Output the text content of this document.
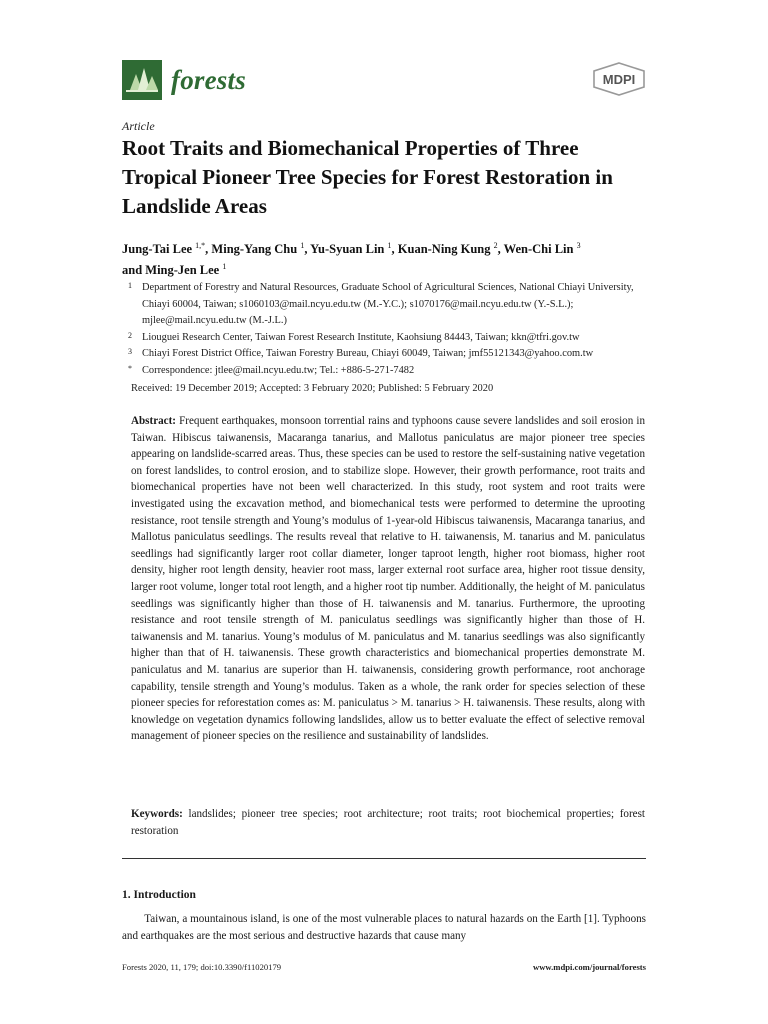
forests	MDPI
Article
Root Traits and Biomechanical Properties of Three Tropical Pioneer Tree Species for Forest Restoration in Landslide Areas
Jung-Tai Lee $^{1,*}$, Ming-Yang Chu $^1$, Yu-Syuan Lin $^1$, Kuan-Ning Kung $^2$, Wen-Chi Lin $^3$
and Ming-Jen Lee $^1$
1 Department of Forestry and Natural Resources, Graduate School of Agricultural Sciences, National Chiayi University, Chiayi 60004, Taiwan; s1060103@mail.ncyu.edu.tw (M.-Y.C.); s1070176@mail.ncyu.edu.tw (Y.-S.L.); mjlee@mail.ncyu.edu.tw (M.-J.L.)
2 Liouguei Research Center, Taiwan Forest Research Institute, Kaohsiung 84443, Taiwan; kkn@tfri.gov.tw
3 Chiayi Forest District Office, Taiwan Forestry Bureau, Chiayi 60049, Taiwan; jmf55121343@yahoo.com.tw
* Correspondence: jtlee@mail.ncyu.edu.tw; Tel.: +886-5-271-7482
Received: 19 December 2019; Accepted: 3 February 2020; Published: 5 February 2020
Abstract: Frequent earthquakes, monsoon torrential rains and typhoons cause severe landslides and soil erosion in Taiwan. Hibiscus taiwanensis, Macaranga tanarius, and Mallotus paniculatus are major pioneer tree species appearing on landslide-scarred areas. Thus, these species can be used to restore the self-sustaining native vegetation on forest landslides, to control erosion, and to stabilize slope. However, their growth performance, root traits and biomechanical properties have not been well characterized. In this study, root system and root traits were investigated using the excavation method, and biomechanical tests were performed to determine the uprooting resistance, root tensile strength and Young’s modulus of 1-year-old Hibiscus taiwanensis, Macaranga tanarius, and Mallotus paniculatus seedlings. The results reveal that relative to H. taiwanensis, M. tanarius and M. paniculatus seedlings had significantly larger root collar diameter, longer taproot length, higher root biomass, higher root density, higher root length density, heavier root mass, larger external root surface area, higher root tissue density, larger root volume, longer total root length, and a higher root tip number. Additionally, the height of M. paniculatus seedlings was significantly higher than those of H. taiwanensis and M. tanarius. Furthermore, the uprooting resistance and root tensile strength of M. paniculatus seedlings was significantly higher than those of H. taiwanensis and M. tanarius. Young’s modulus of M. paniculatus and M. tanarius seedlings was also significantly higher than that of H. taiwanensis. These growth characteristics and biomechanical properties demonstrate M. paniculatus and M. tanarius are superior than H. taiwanensis, considering growth performance, root anchorage capability, tensile strength and Young’s modulus. Taken as a whole, the rank order for species selection of these pioneer species for reforestation comes as: M. paniculatus > M. tanarius > H. taiwanensis. These results, along with knowledge on vegetation dynamics following landslides, allow us to better evaluate the effect of selective removal management of pioneer species on the resilience and sustainability of landslides.
Keywords: landslides; pioneer tree species; root architecture; root traits; root biochemical properties; forest restoration
1. Introduction
  Taiwan, a mountainous island, is one of the most vulnerable places to natural hazards on the Earth [1]. Typhoons and earthquakes are the most serious and destructive hazards that cause many
Forests 2020, 11, 179; doi:10.3390/f11020179	www.mdpi.com/journal/forests
